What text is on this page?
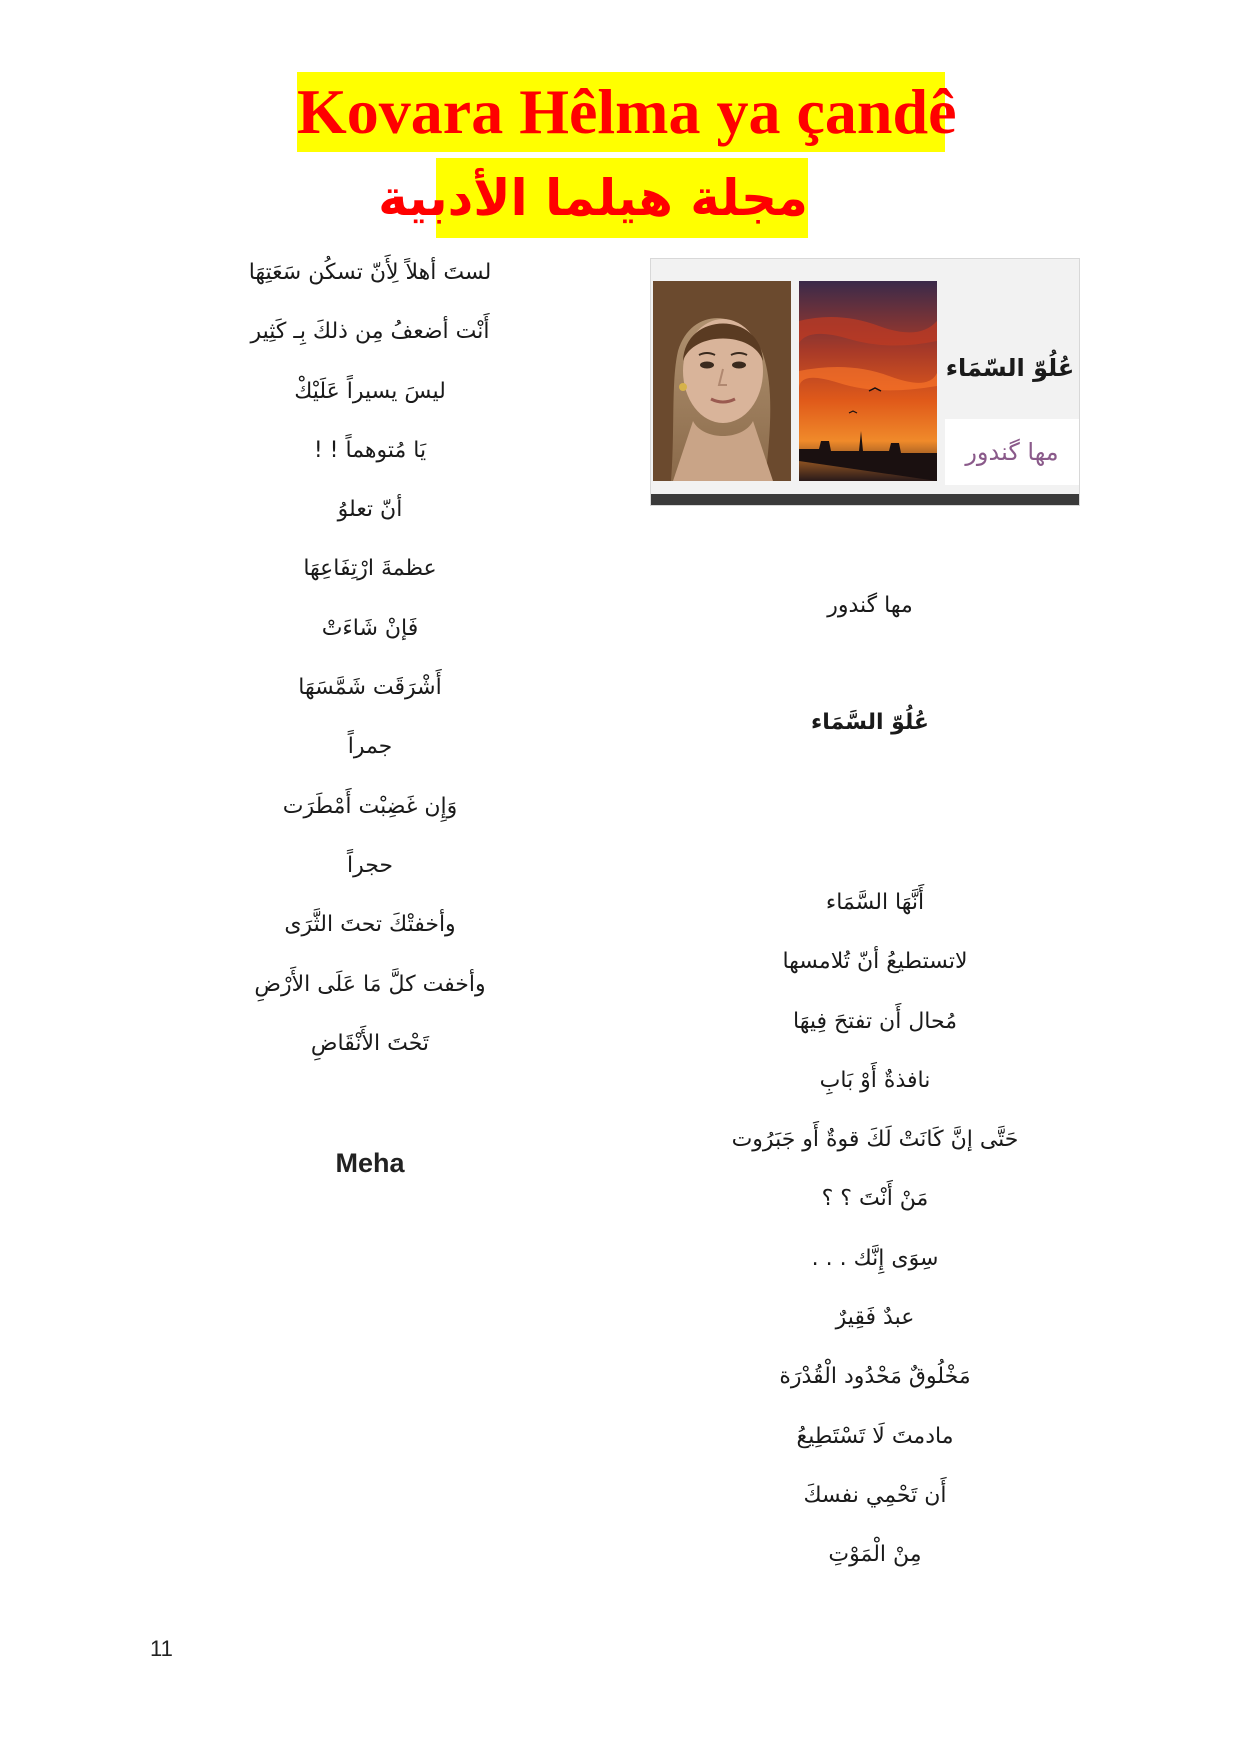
Kovara Hêlma ya çandê
مجلة هيلما الأدبية
عُلُوّ السّمَاء
مها گندور
مها گندور
عُلُوّ السَّمَاء
أَنَّهَا السَّمَاء
لاتستطيعُ أنّ تُلامسها
مُحال أَن تفتحَ فِيهَا
نافذةٌ أَوْ بَابِ
حَتَّى إنَّ كَانَتْ لَكَ قوةٌ أَو جَبَرُوت
مَنْ أَنْتَ ؟ ؟
سِوَى إِنَّك . . .
عبدٌ فَقِيرٌ
مَخْلُوقٌ مَحْدُود الْقُدْرَة
مادمتَ لَا تَسْتَطِيعُ
أَن تَحْمِي نفسكَ
مِنْ الْمَوْتِ
لستَ أهلاً لِأَنّ تسكُن سَعَتِهَا
أَنْت أضعفُ مِن ذلكَ بِـ كَثِير
ليسَ يسيراً عَلَيْكْ
يَا مُتوهماً ! !
أنّ تعلوُ
عظمةَ ارْتِفَاعِهَا
فَإنْ شَاءَتْ
أَشْرَقَت شَمَّسَهَا
جمراً
وَإِن غَضِبْت أَمْطَرَت
حجراً
وأخفتْكَ تحتَ الثَّرَى
وأخفت كلَّ مَا عَلَى الأَرْضِ
تَحْتَ الأَنْقَاضِ
Meha
11
